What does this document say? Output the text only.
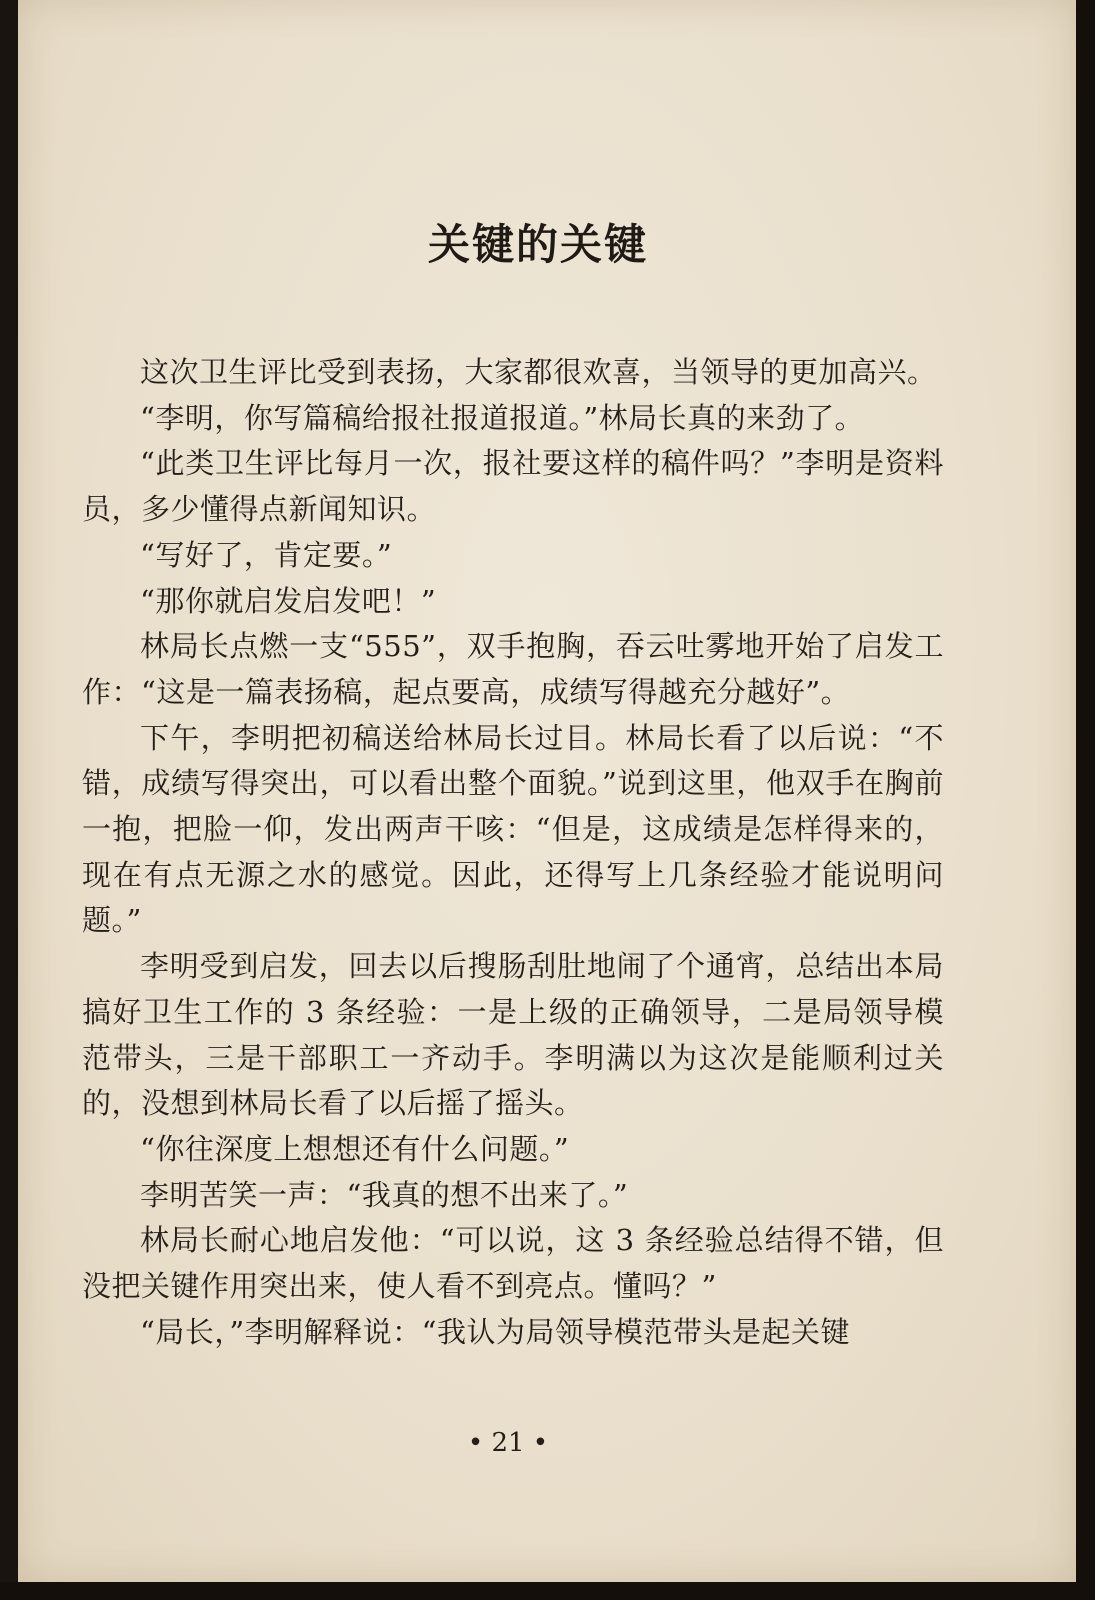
关键的关键

这次卫生评比受到表扬，大家都很欢喜，当领导的更加高兴。

“李明，你写篇稿给报社报道报道。”林局长真的来劲了。

“此类卫生评比每月一次，报社要这样的稿件吗？”李明是资料员，多少懂得点新闻知识。

“写好了，肯定要。”

“那你就启发启发吧！”

林局长点燃一支“555”，双手抱胸，吞云吐雾地开始了启发工作：“这是一篇表扬稿，起点要高，成绩写得越充分越好”。

下午，李明把初稿送给林局长过目。林局长看了以后说：“不错，成绩写得突出，可以看出整个面貌。”说到这里，他双手在胸前一抱，把脸一仰，发出两声干咳：“但是，这成绩是怎样得来的，现在有点无源之水的感觉。因此，还得写上几条经验才能说明问题。”

李明受到启发，回去以后搜肠刮肚地闹了个通宵，总结出本局搞好卫生工作的 3 条经验：一是上级的正确领导，二是局领导模范带头，三是干部职工一齐动手。李明满以为这次是能顺利过关的，没想到林局长看了以后摇了摇头。

“你往深度上想想还有什么问题。”

李明苦笑一声：“我真的想不出来了。”

林局长耐心地启发他：“可以说，这 3 条经验总结得不错，但没把关键作用突出来，使人看不到亮点。懂吗？”

“局长，”李明解释说：“我认为局领导模范带头是起关键

• 21 •
